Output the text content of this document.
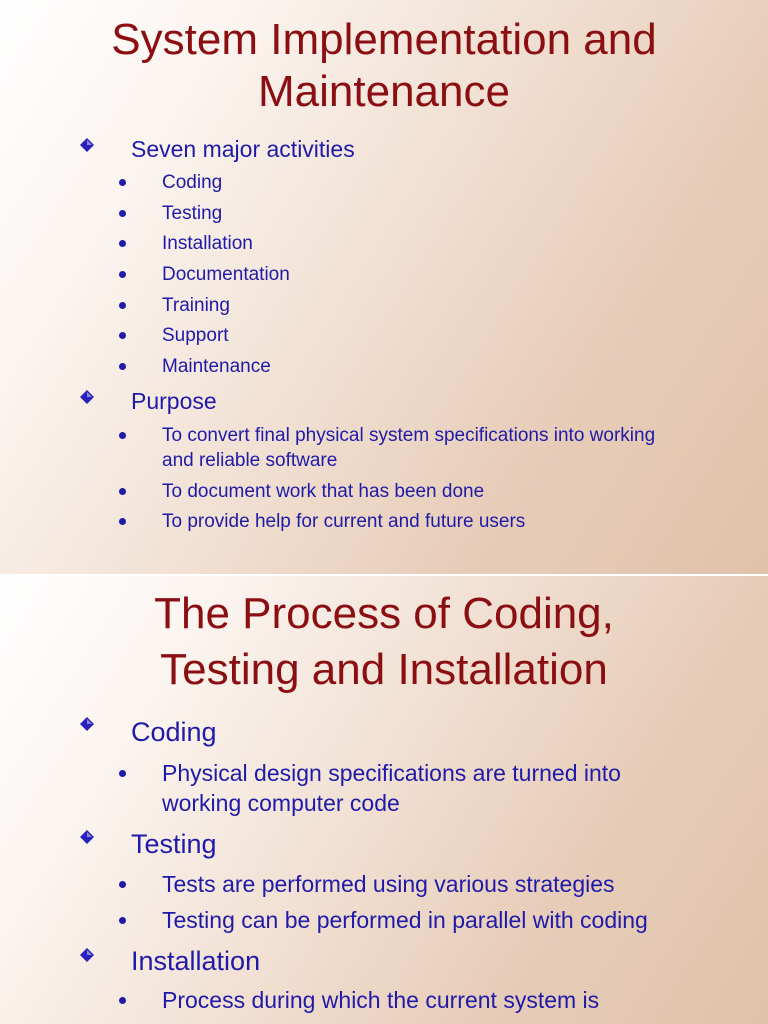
System Implementation and
Maintenance
Seven major activities
Coding
Testing
Installation
Documentation
Training
Support
Maintenance
Purpose
To convert final physical system specifications into working
and reliable software
To document work that has been done
To provide help for current and future users
The Process of Coding,
Testing and Installation
Coding
Physical design specifications are turned into
working computer code
Testing
Tests are performed using various strategies
Testing can be performed in parallel with coding
Installation
Process during which the current system is
